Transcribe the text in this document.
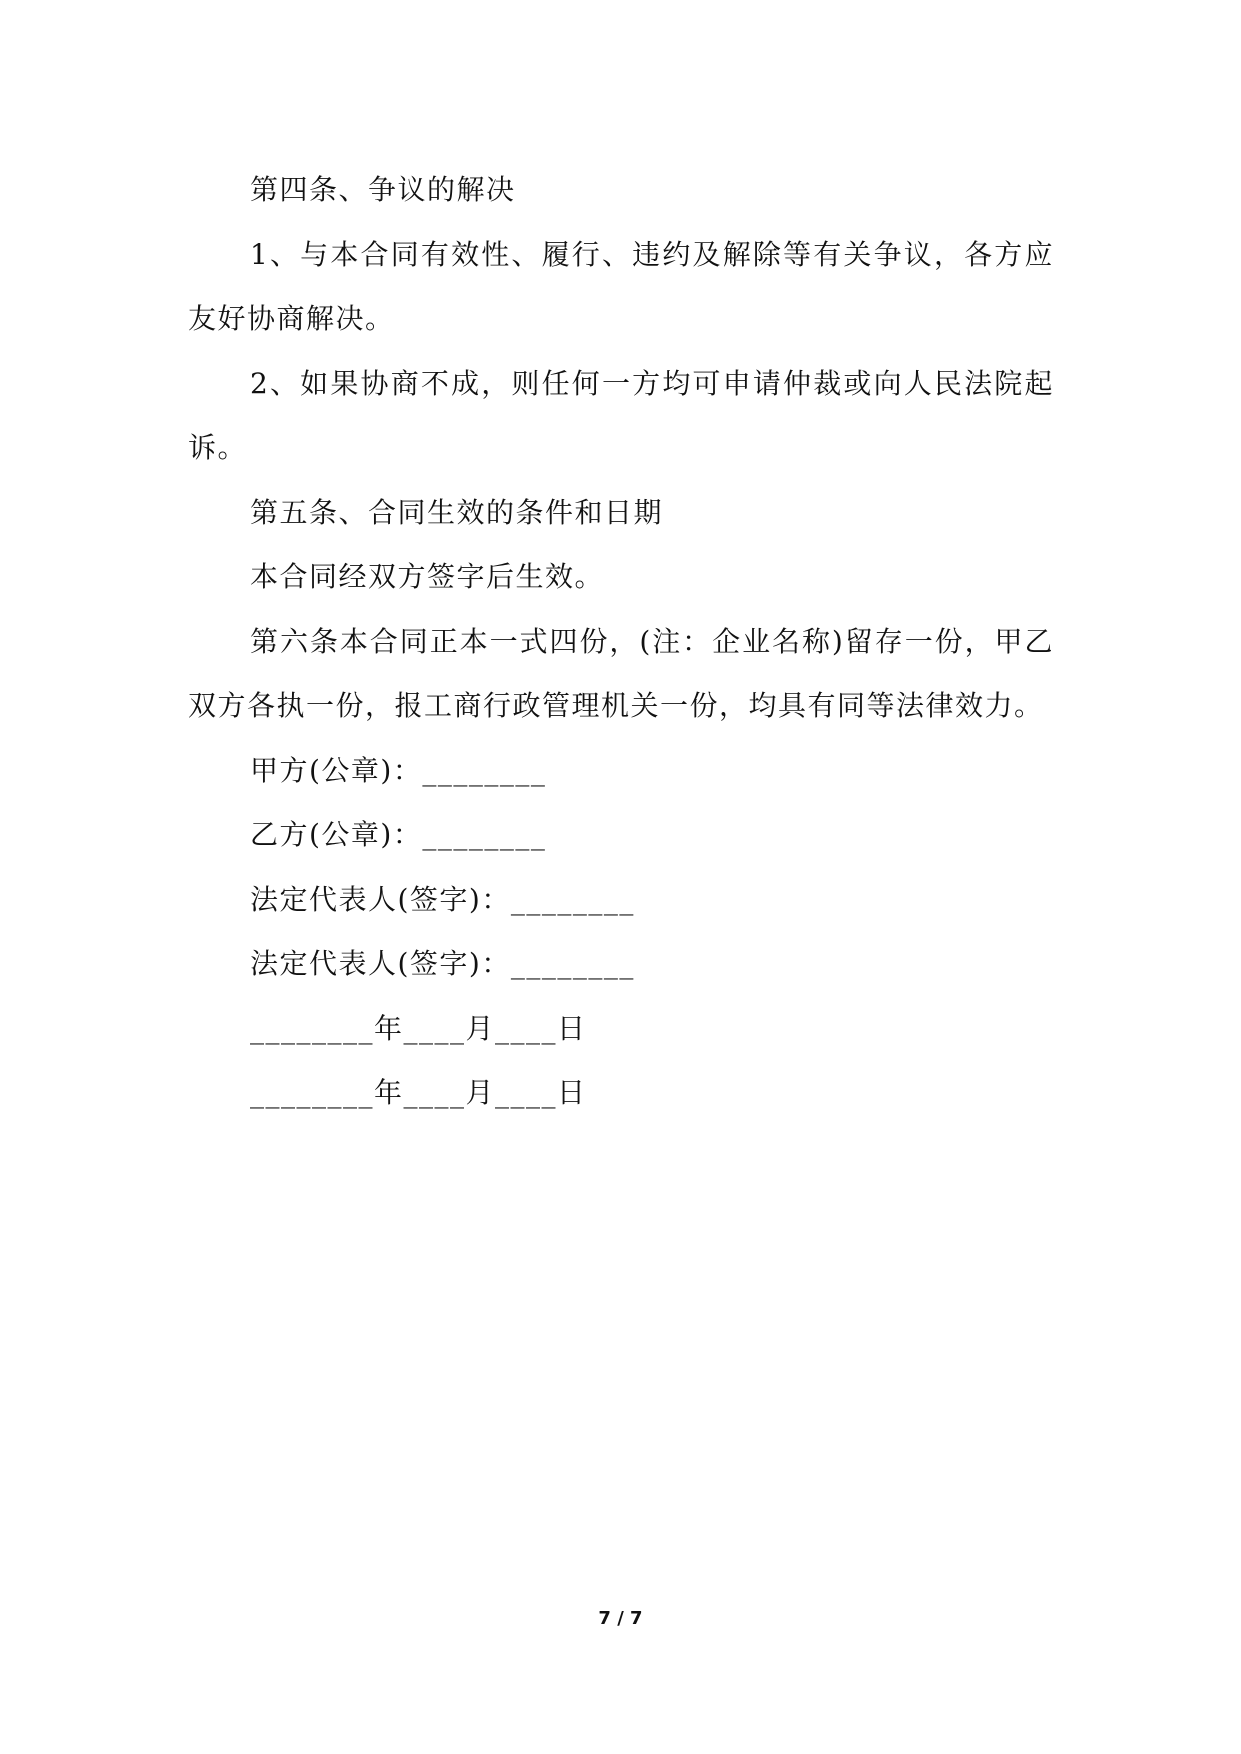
第四条、争议的解决

1、与本合同有效性、履行、违约及解除等有关争议，各方应友好协商解决。

2、如果协商不成，则任何一方均可申请仲裁或向人民法院起诉。

第五条、合同生效的条件和日期

本合同经双方签字后生效。

第六条本合同正本一式四份，(注：企业名称)留存一份，甲乙双方各执一份，报工商行政管理机关一份，均具有同等法律效力。

甲方(公章)：________

乙方(公章)：________

法定代表人(签字)：________

法定代表人(签字)：________

________年____月____日

________年____月____日

7 / 7
